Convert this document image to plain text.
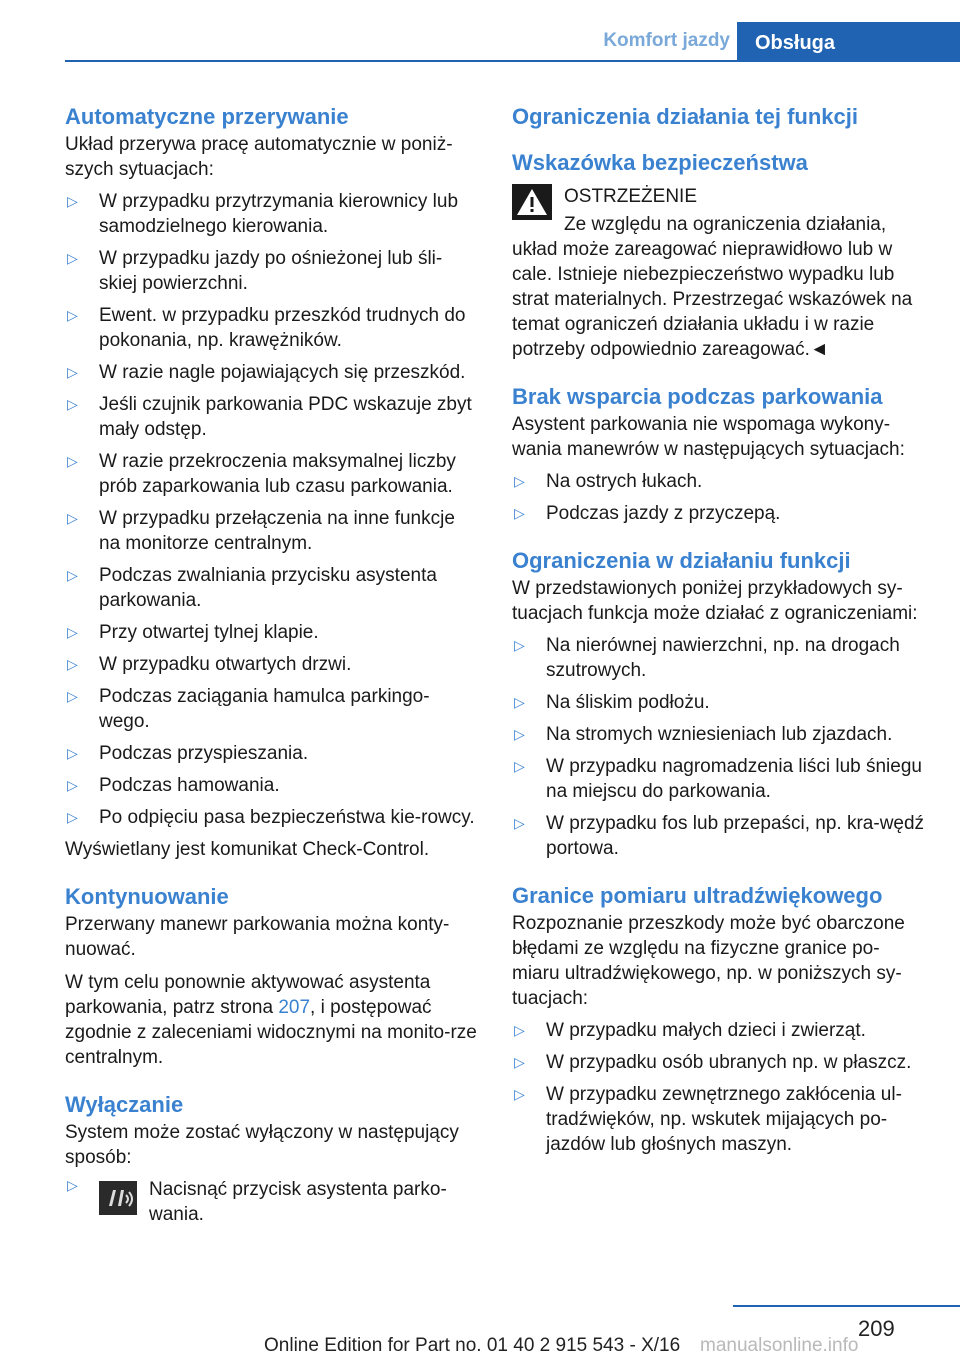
Komfort jazdy	Obsługa
Automatyczne przerywanie

Układ przerywa pracę automatycznie w poniż-szych sytuacjach:

▷ W przypadku przytrzymania kierownicy lub samodzielnego kierowania.
▷ W przypadku jazdy po ośnieżonej lub śli-skiej powierzchni.
▷ Ewent. w przypadku przeszkód trudnych do pokonania, np. krawężników.
▷ W razie nagle pojawiających się przeszkód.
▷ Jeśli czujnik parkowania PDC wskazuje zbyt mały odstęp.
▷ W razie przekroczenia maksymalnej liczby prób zaparkowania lub czasu parkowania.
▷ W przypadku przełączenia na inne funkcje na monitorze centralnym.
▷ Podczas zwalniania przycisku asystenta parkowania.
▷ Przy otwartej tylnej klapie.
▷ W przypadku otwartych drzwi.
▷ Podczas zaciągania hamulca parkingo-wego.
▷ Podczas przyspieszania.
▷ Podczas hamowania.
▷ Po odpięciu pasa bezpieczeństwa kie-rowcy.

Wyświetlany jest komunikat Check-Control.

Kontynuowanie

Przerwany manewr parkowania można konty-nuować.

W tym celu ponownie aktywować asystenta parkowania, patrz strona 207, i postępować zgodnie z zaleceniami widocznymi na monito-rze centralnym.

Wyłączanie

System może zostać wyłączony w następujący sposób:

▷	Nacisnąć przycisk asystenta parko-wania.
Ograniczenia działania tej funkcji
Wskazówka bezpieczeństwa
OSTRZEŻENIE

Ze względu na ograniczenia działania, układ może zareagować nieprawidłowo lub w cale. Istnieje niebezpieczeństwo wypadku lub strat materialnych. Przestrzegać wskazówek na temat ograniczeń działania układu i w razie potrzeby odpowiednio zareagować.◄

Brak wsparcia podczas parkowania

Asystent parkowania nie wspomaga wykony-wania manewrów w następujących sytuacjach:

▷ Na ostrych łukach.
▷ Podczas jazdy z przyczepą.
Ograniczenia w działaniu funkcji

W przedstawionych poniżej przykładowych sy-tuacjach funkcja może działać z ograniczeniami:

▷ Na nierównej nawierzchni, np. na drogach szutrowych.
▷ Na śliskim podłożu.
▷ Na stromych wzniesieniach lub zjazdach.
▷ W przypadku nagromadzenia liści lub śniegu na miejscu do parkowania.
▷ W przypadku fos lub przepaści, np. kra-wędź portowa.
Granice pomiaru ultradźwiękowego

Rozpoznanie przeszkody może być obarczone błędami ze względu na fizyczne granice po-miaru ultradźwiękowego, np. w poniższych sy-tuacjach:

▷ W przypadku małych dzieci i zwierząt.
▷ W przypadku osób ubranych np. w płaszcz.
▷ W przypadku zewnętrznego zakłócenia ul-tradźwięków, np. wskutek mijających po-jazdów lub głośnych maszyn.
209
Online Edition for Part no. 01 40 2 915 543 - X/16 manualsonline.info
